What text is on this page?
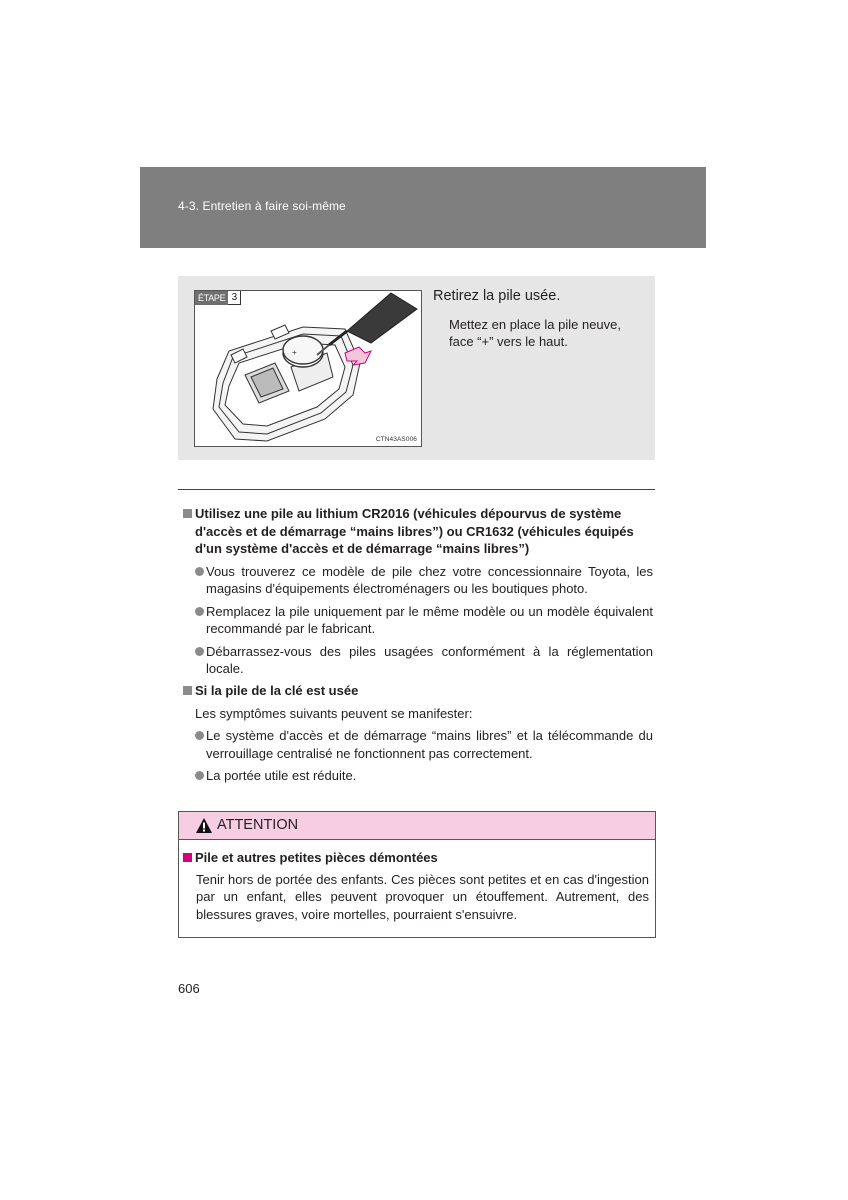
4-3. Entretien à faire soi-même
+
ÉTAPE 3
CTN43AS006
Retirez la pile usée.
Mettez en place la pile neuve, face “+” vers le haut.
Utilisez une pile au lithium CR2016 (véhicules dépourvus de système d'accès et de démarrage “mains libres”) ou CR1632 (véhicules équipés d'un système d'accès et de démarrage “mains libres”)
Vous trouverez ce modèle de pile chez votre concessionnaire Toyota, les magasins d'équipements électroménagers ou les boutiques photo.
Remplacez la pile uniquement par le même modèle ou un modèle équivalent recommandé par le fabricant.
Débarrassez-vous des piles usagées conformément à la réglementation locale.
Si la pile de la clé est usée
Les symptômes suivants peuvent se manifester:
Le système d'accès et de démarrage “mains libres” et la télécommande du verrouillage centralisé ne fonctionnent pas correctement.
La portée utile est réduite.
ATTENTION
Pile et autres petites pièces démontées
Tenir hors de portée des enfants. Ces pièces sont petites et en cas d'ingestion par un enfant, elles peuvent provoquer un étouffement. Autrement, des blessures graves, voire mortelles, pourraient s'ensuivre.
606
